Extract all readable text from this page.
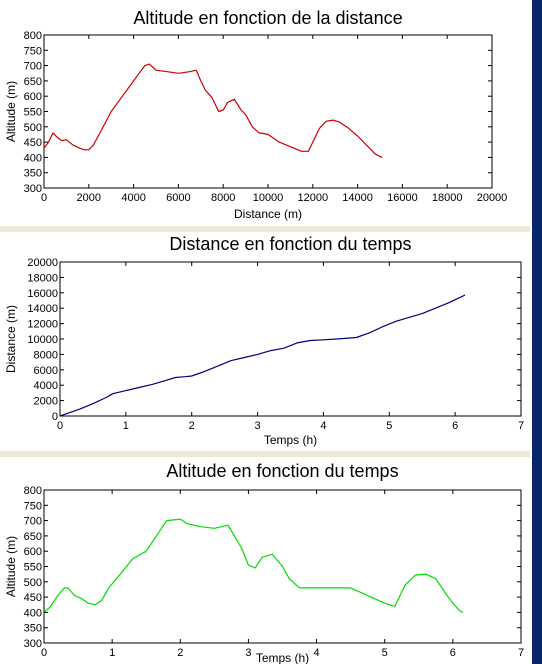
Altitude en fonction de la distance
0	2000 4000 6000 8000 10000 12000 14000 16000 18000 20000
300
350
400
450
500
550
600
650
700
750
800
Distance (m)
Altitude (m)
Distance en fonction du temps
0	1	2	3	4	5	6	7
0
2000
4000
6000
8000
10000
12000
14000
16000
18000
20000
Temps (h)
Distance (m)
Altitude en fonction du temps
0	1	2	3	4	5	6	7
300
350
400
450
500
550
600
650
700
750
800
Temps (h)
Altitude (m)
